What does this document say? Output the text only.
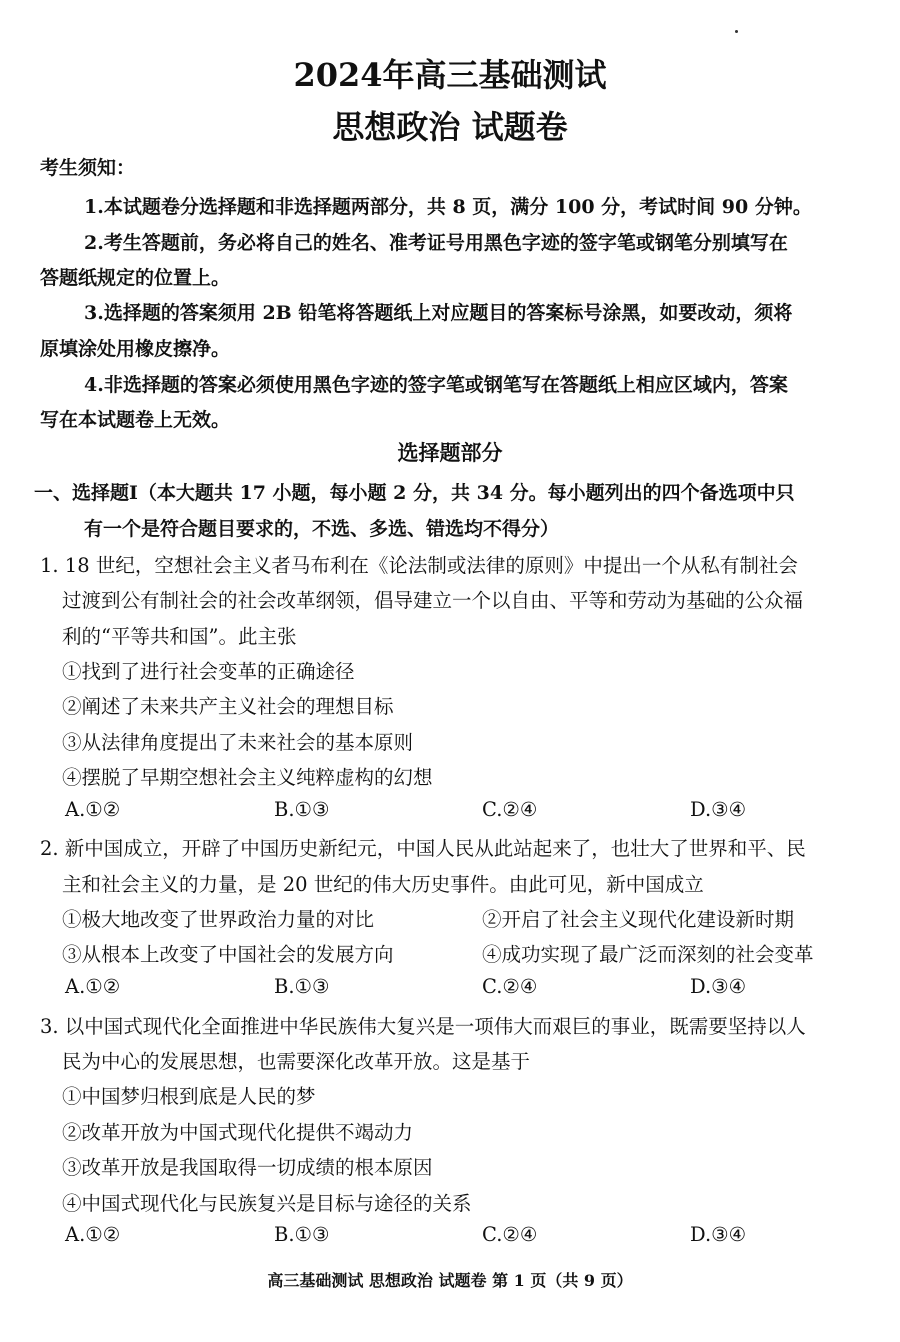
2024年高三基础测试
思想政治 试题卷
考生须知：
1.本试题卷分选择题和非选择题两部分，共 8 页，满分 100 分，考试时间 90 分钟。
2.考生答题前，务必将自己的姓名、准考证号用黑色字迹的签字笔或钢笔分别填写在
答题纸规定的位置上。
3.选择题的答案须用 2B 铅笔将答题纸上对应题目的答案标号涂黑，如要改动，须将
原填涂处用橡皮擦净。
4.非选择题的答案必须使用黑色字迹的签字笔或钢笔写在答题纸上相应区域内，答案
写在本试题卷上无效。
选择题部分
一、选择题Ⅰ（本大题共 17 小题，每小题 2 分，共 34 分。每小题列出的四个备选项中只
有一个是符合题目要求的，不选、多选、错选均不得分）
1. 18 世纪，空想社会主义者马布利在《论法制或法律的原则》中提出一个从私有制社会
过渡到公有制社会的社会改革纲领，倡导建立一个以自由、平等和劳动为基础的公众福
利的“平等共和国”。此主张
①找到了进行社会变革的正确途径
②阐述了未来共产主义社会的理想目标
③从法律角度提出了未来社会的基本原则
④摆脱了早期空想社会主义纯粹虚构的幻想
A.①②	B.①③	C.②④	D.③④
2. 新中国成立，开辟了中国历史新纪元，中国人民从此站起来了，也壮大了世界和平、民
主和社会主义的力量，是 20 世纪的伟大历史事件。由此可见，新中国成立
①极大地改变了世界政治力量的对比	②开启了社会主义现代化建设新时期
③从根本上改变了中国社会的发展方向	④成功实现了最广泛而深刻的社会变革
A.①②	B.①③	C.②④	D.③④
3. 以中国式现代化全面推进中华民族伟大复兴是一项伟大而艰巨的事业，既需要坚持以人
民为中心的发展思想，也需要深化改革开放。这是基于
①中国梦归根到底是人民的梦
②改革开放为中国式现代化提供不竭动力
③改革开放是我国取得一切成绩的根本原因
④中国式现代化与民族复兴是目标与途径的关系
A.①②	B.①③	C.②④	D.③④
高三基础测试 思想政治 试题卷 第 1 页（共 9 页）
